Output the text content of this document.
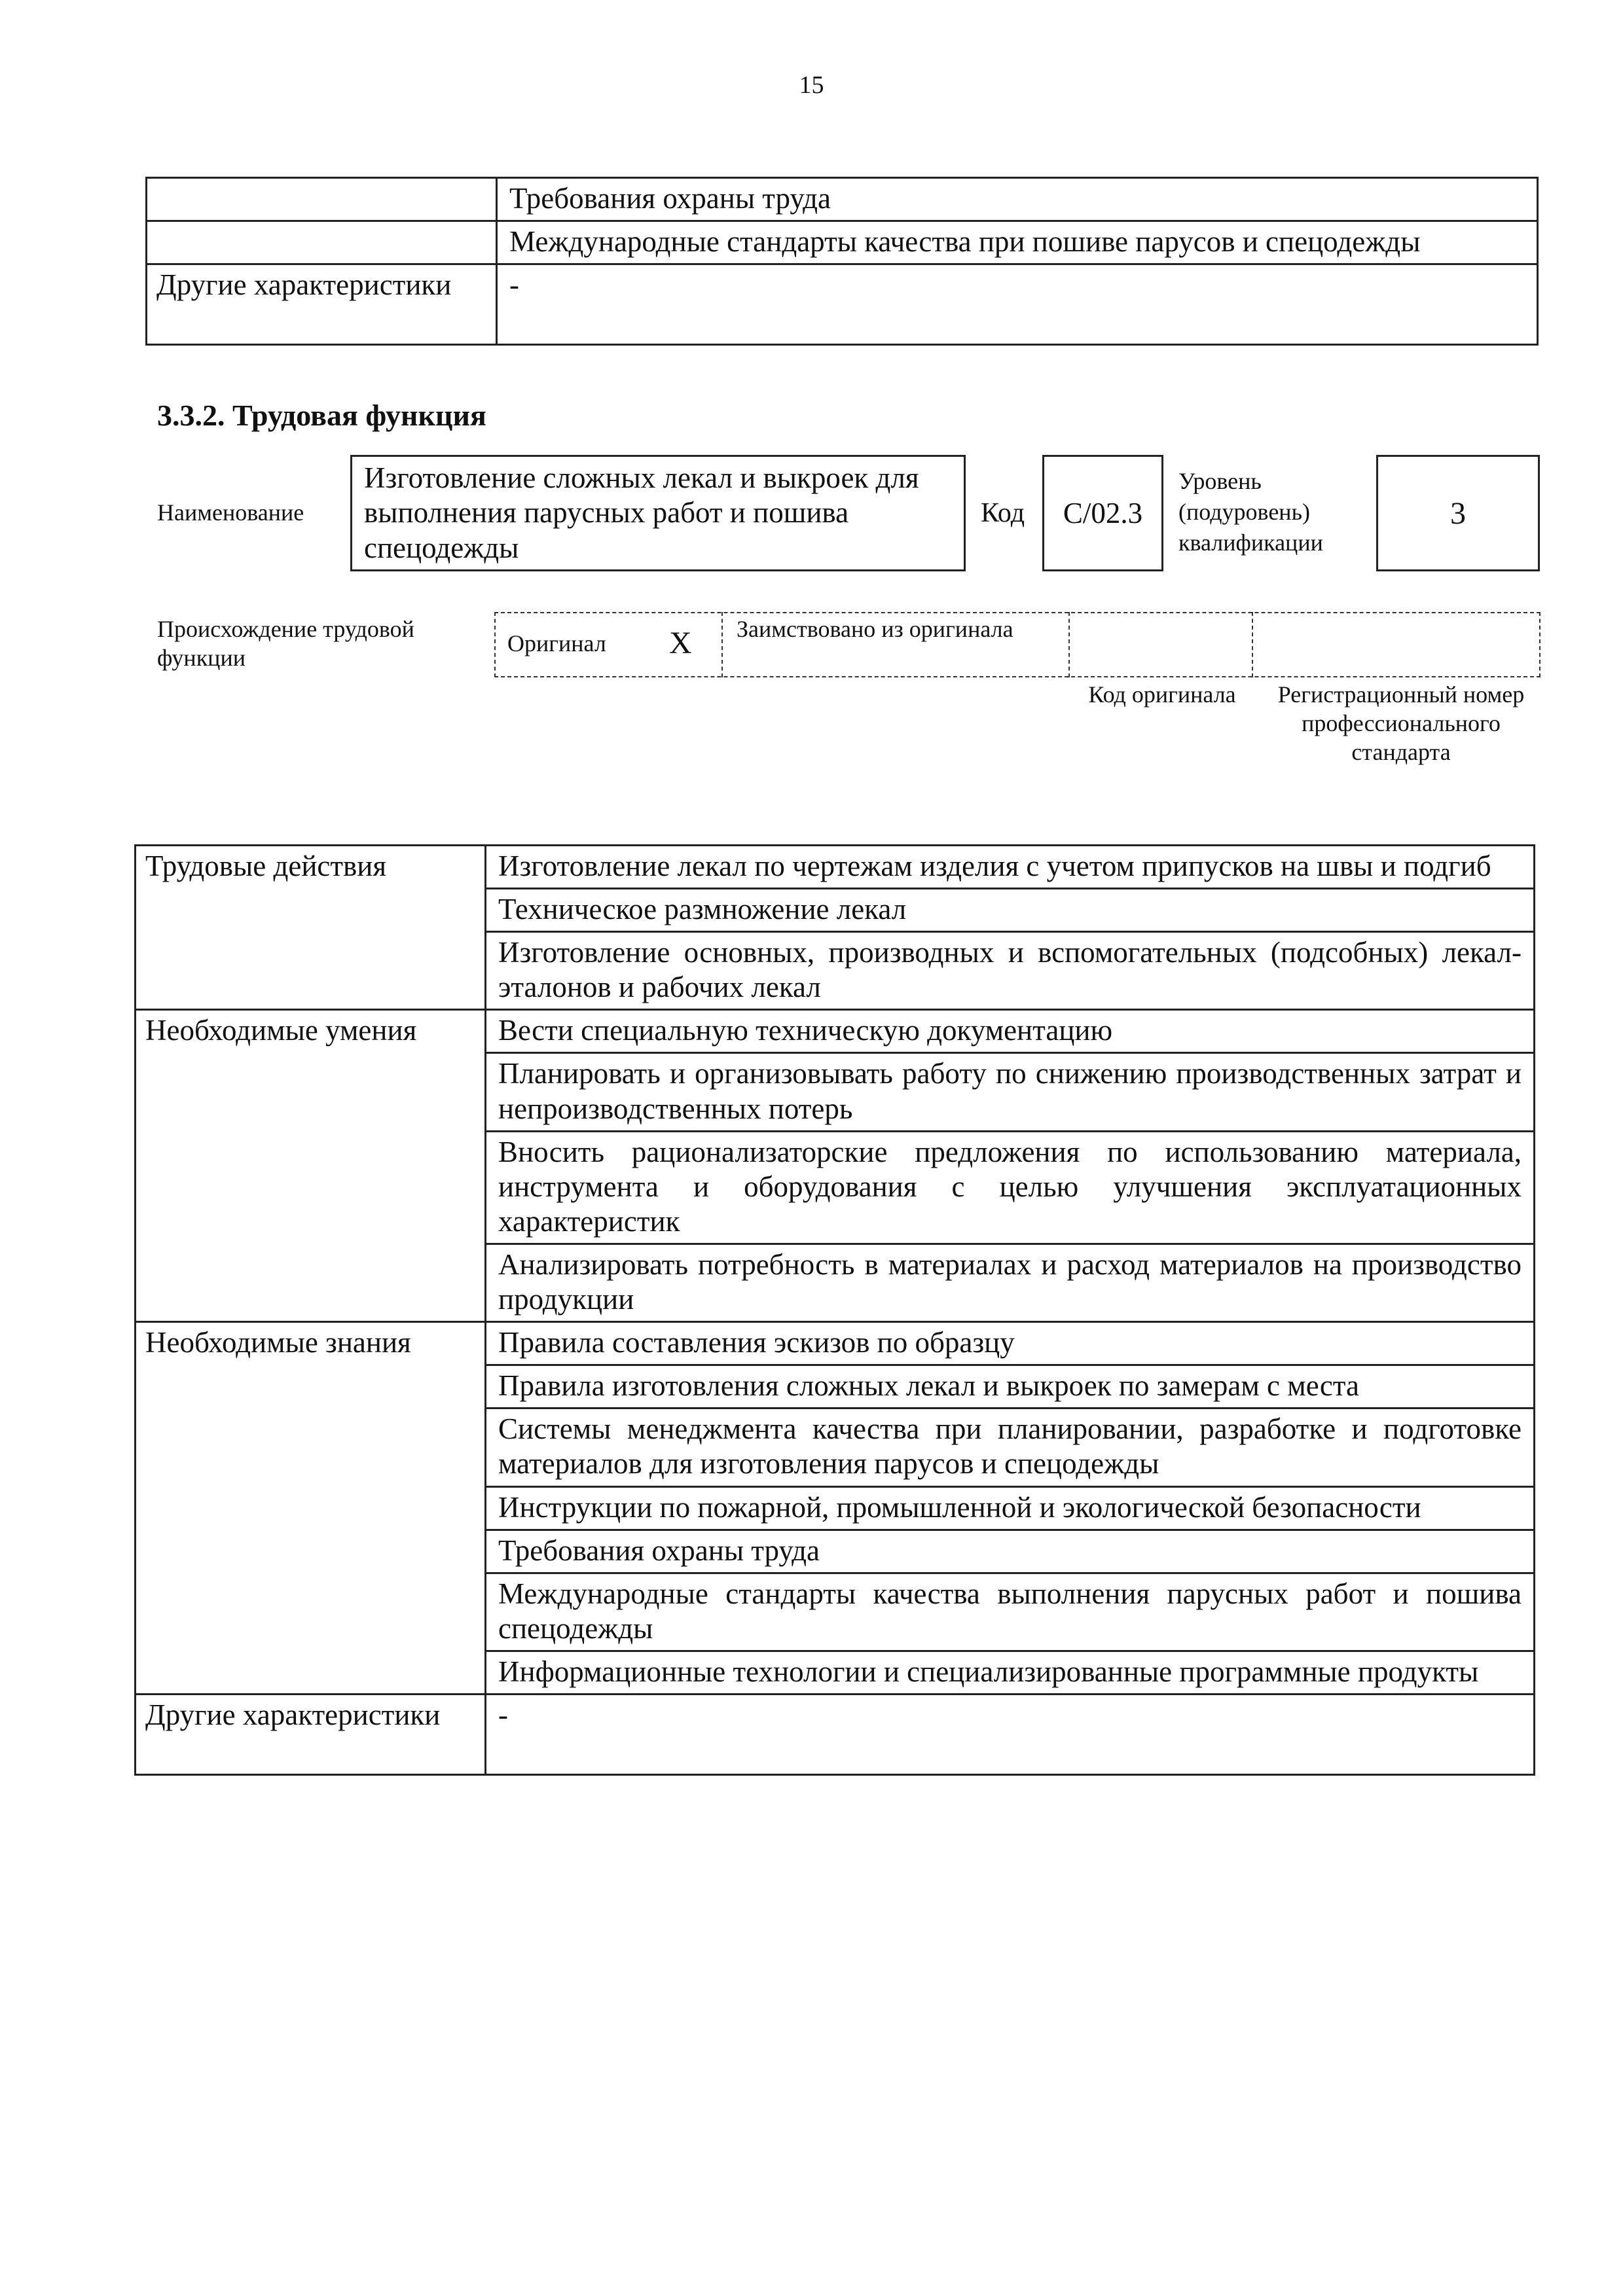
15
	Требования охраны труда
	Международные стандарты качества при пошиве парусов и спецодежды
Другие характеристики	-
3.3.2. Трудовая функция
Наименование
Изготовление сложных лекал и выкроек для выполнения парусных работ и пошива спецодежды
Код C/02.3
Уровень (подуровень) квалификации
3
Происхождение трудовой функции
Оригинал X Заимствовано из оригинала
Код оригинала	Регистрационный номер профессионального стандарта
Трудовые действия	Изготовление лекал по чертежам изделия с учетом припусков на швы и подгиб
	Техническое размножение лекал
	Изготовление основных, производных и вспомогательных (подсобных) лекал-эталонов и рабочих лекал
Необходимые умения	Вести специальную техническую документацию
	Планировать и организовывать работу по снижению производственных затрат и непроизводственных потерь
	Вносить рационализаторские предложения по использованию материала, инструмента и оборудования с целью улучшения эксплуатационных характеристик
	Анализировать потребность в материалах и расход материалов на производство продукции
Необходимые знания	Правила составления эскизов по образцу
	Правила изготовления сложных лекал и выкроек по замерам с места
	Системы менеджмента качества при планировании, разработке и подготовке материалов для изготовления парусов и спецодежды
	Инструкции по пожарной, промышленной и экологической безопасности
	Требования охраны труда
	Международные стандарты качества выполнения парусных работ и пошива спецодежды
	Информационные технологии и специализированные программные продукты
Другие характеристики	-
